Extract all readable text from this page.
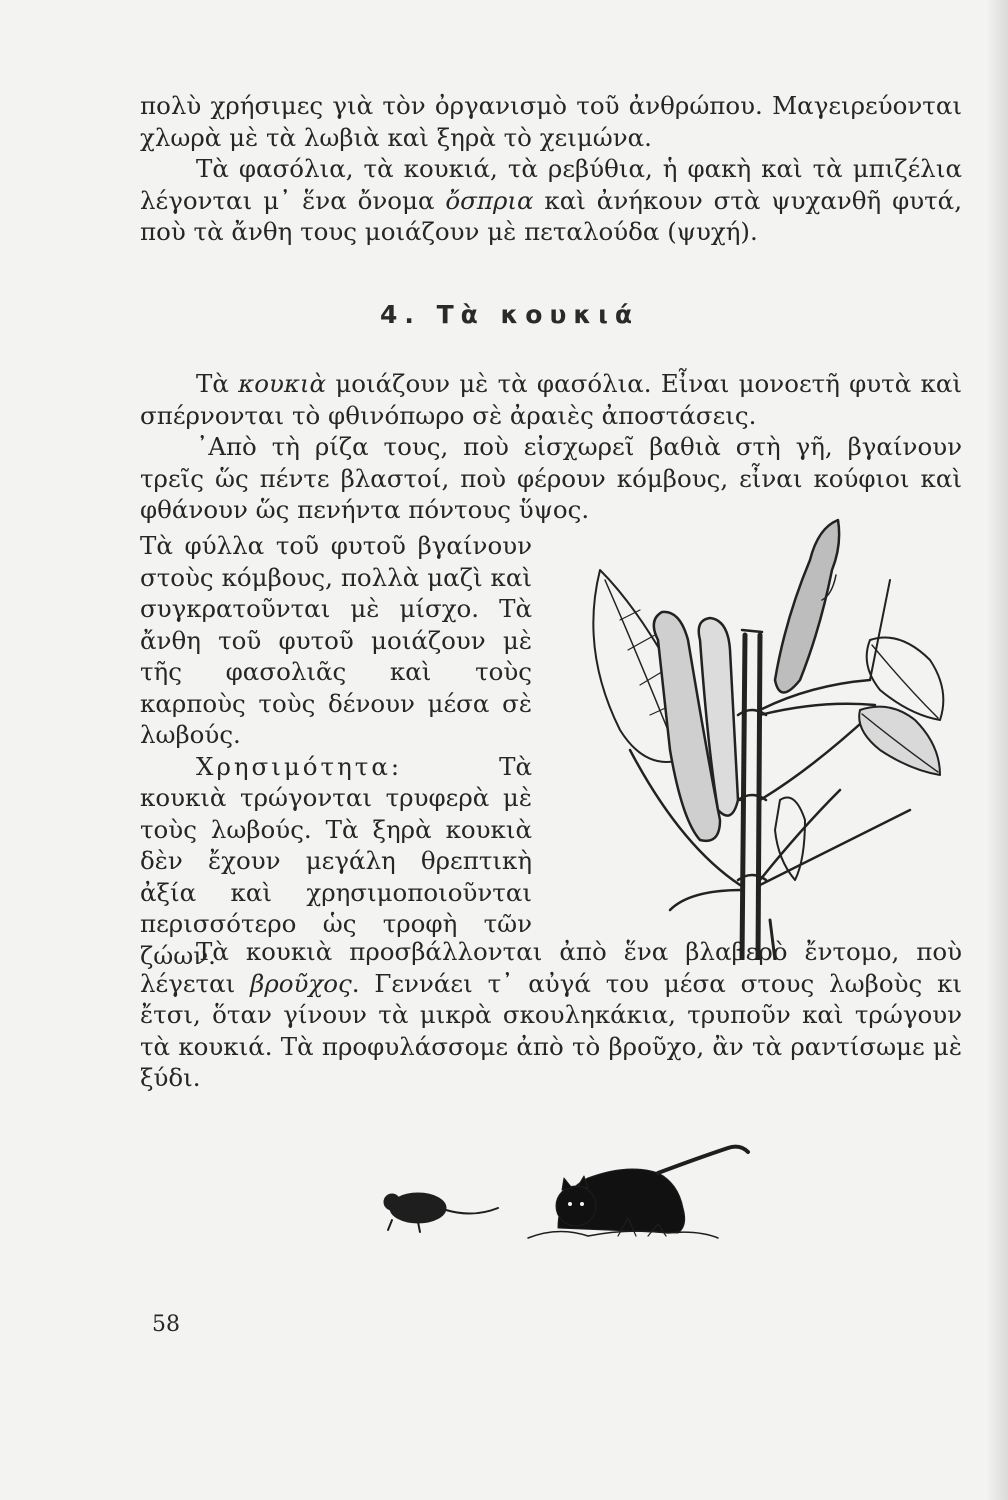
πολὺ χρήσιμες γιὰ τὸν ὀργανισμὸ τοῦ ἀνθρώπου. Μαγειρεύονται χλωρὰ μὲ τὰ λωβιὰ καὶ ξηρὰ τὸ χειμώνα.

Τὰ φασόλια, τὰ κουκιά, τὰ ρεβύθια, ἡ φακὴ καὶ τὰ μπιζέλια λέγονται μ᾿ ἕνα ὄνομα ὄσπρια καὶ ἀνήκουν στὰ ψυχανθῆ φυτά, ποὺ τὰ ἄνθη τους μοιάζουν μὲ πεταλούδα (ψυχή).

4. Τὰ κουκιά

Τὰ κουκιὰ μοιάζουν μὲ τὰ φασόλια. Εἶναι μονοετῆ φυτὰ καὶ σπέρνονται τὸ φθινόπωρο σὲ ἀραιὲς ἀποστάσεις.

᾿Απὸ τὴ ρίζα τους, ποὺ εἰσχωρεῖ βαθιὰ στὴ γῆ, βγαίνουν τρεῖς ὥς πέντε βλαστοί, ποὺ φέρουν κόμβους, εἶναι κούφιοι καὶ φθάνουν ὥς πενήντα πόντους ὕψος.

Τὰ φύλλα τοῦ φυτοῦ βγαίνουν στοὺς κόμβους, πολλὰ μαζὶ καὶ συγκρατοῦνται μὲ μίσχο. Τὰ ἄνθη τοῦ φυτοῦ μοιάζουν μὲ τῆς φασολιᾶς καὶ τοὺς καρποὺς τοὺς δένουν μέσα σὲ λωβούς.

Χρησιμότητα: Τὰ κουκιὰ τρώγονται τρυφερὰ μὲ τοὺς λωβούς. Τὰ ξηρὰ κουκιὰ δὲν ἔχουν μεγάλη θρεπτικὴ ἀξία καὶ χρησιμοποιοῦνται περισσότερο ὡς τροφὴ τῶν ζώων.

Τὰ κουκιὰ προσβάλλονται ἀπὸ ἕνα βλαβερὸ ἔντομο, ποὺ λέγεται βροῦχος. Γεννάει τ᾿ αὐγά του μέσα στους λωβοὺς κι ἔτσι, ὅταν γίνουν τὰ μικρὰ σκουληκάκια, τρυποῦν καὶ τρώγουν τὰ κουκιά. Τὰ προφυλάσσομε ἀπὸ τὸ βροῦχο, ἂν τὰ ραντίσωμε μὲ ξύδι.

58
